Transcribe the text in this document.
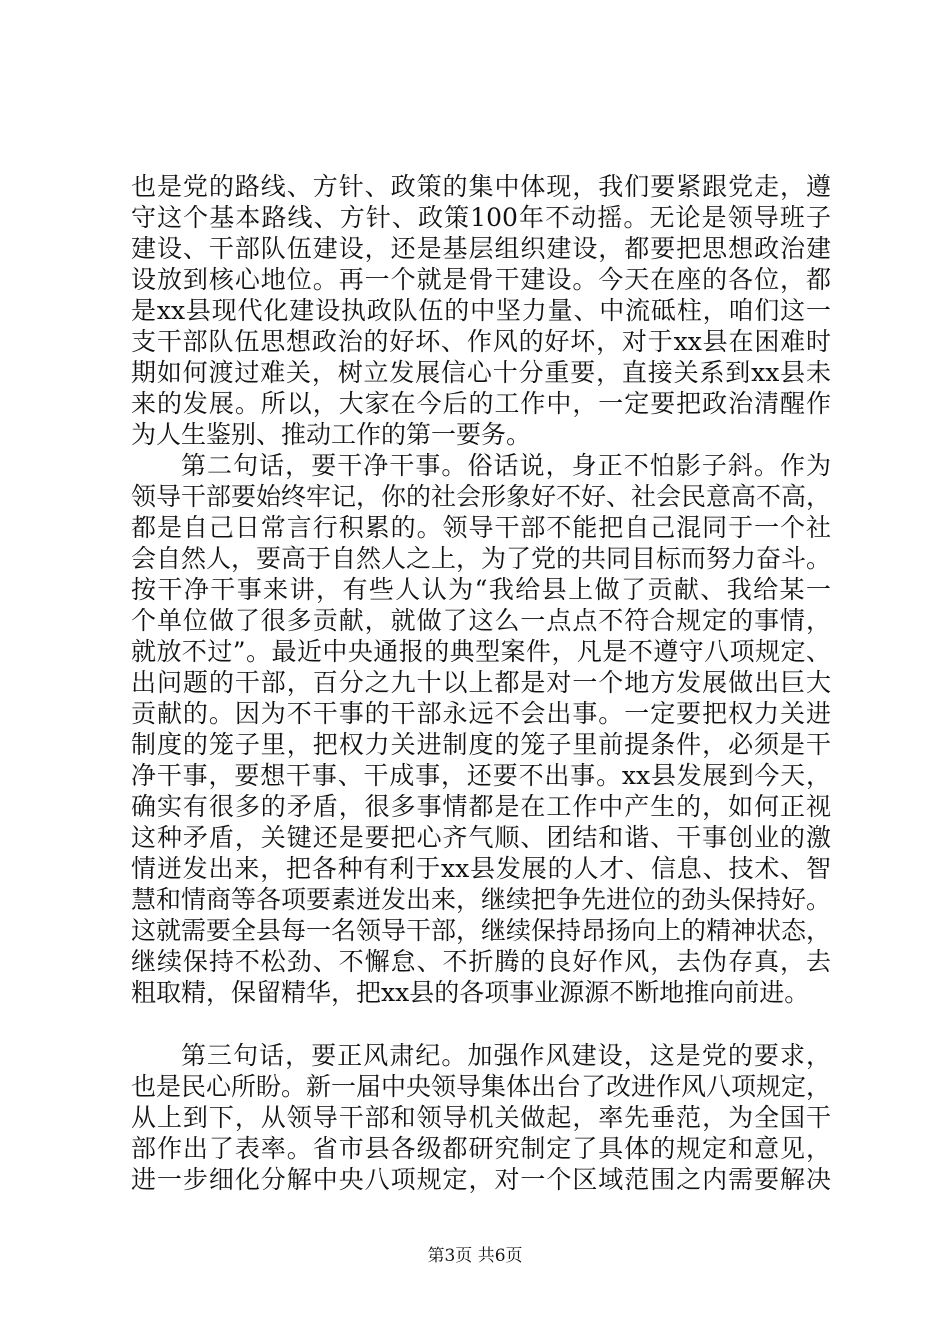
也是党的路线、方针、政策的集中体现，我们要紧跟党走，遵
守这个基本路线、方针、政策100年不动摇。无论是领导班子
建设、干部队伍建设，还是基层组织建设，都要把思想政治建
设放到核心地位。再一个就是骨干建设。今天在座的各位，都
是xx县现代化建设执政队伍的中坚力量、中流砥柱，咱们这一
支干部队伍思想政治的好坏、作风的好坏，对于xx县在困难时
期如何渡过难关，树立发展信心十分重要，直接关系到xx县未
来的发展。所以，大家在今后的工作中，一定要把政治清醒作
为人生鉴别、推动工作的第一要务。
第二句话，要干净干事。俗话说，身正不怕影子斜。作为
领导干部要始终牢记，你的社会形象好不好、社会民意高不高，
都是自己日常言行积累的。领导干部不能把自己混同于一个社
会自然人，要高于自然人之上，为了党的共同目标而努力奋斗。
按干净干事来讲，有些人认为“我给县上做了贡献、我给某一
个单位做了很多贡献，就做了这么一点点不符合规定的事情，
就放不过”。最近中央通报的典型案件，凡是不遵守八项规定、
出问题的干部，百分之九十以上都是对一个地方发展做出巨大
贡献的。因为不干事的干部永远不会出事。一定要把权力关进
制度的笼子里，把权力关进制度的笼子里前提条件，必须是干
净干事，要想干事、干成事，还要不出事。xx县发展到今天，
确实有很多的矛盾，很多事情都是在工作中产生的，如何正视
这种矛盾，关键还是要把心齐气顺、团结和谐、干事创业的激
情迸发出来，把各种有利于xx县发展的人才、信息、技术、智
慧和情商等各项要素迸发出来，继续把争先进位的劲头保持好。
这就需要全县每一名领导干部，继续保持昂扬向上的精神状态，
继续保持不松劲、不懈怠、不折腾的良好作风，去伪存真，去
粗取精，保留精华，把xx县的各项事业源源不断地推向前进。
第三句话，要正风肃纪。加强作风建设，这是党的要求，
也是民心所盼。新一届中央领导集体出台了改进作风八项规定，
从上到下，从领导干部和领导机关做起，率先垂范，为全国干
部作出了表率。省市县各级都研究制定了具体的规定和意见，
进一步细化分解中央八项规定，对一个区域范围之内需要解决
第3页 共6页
